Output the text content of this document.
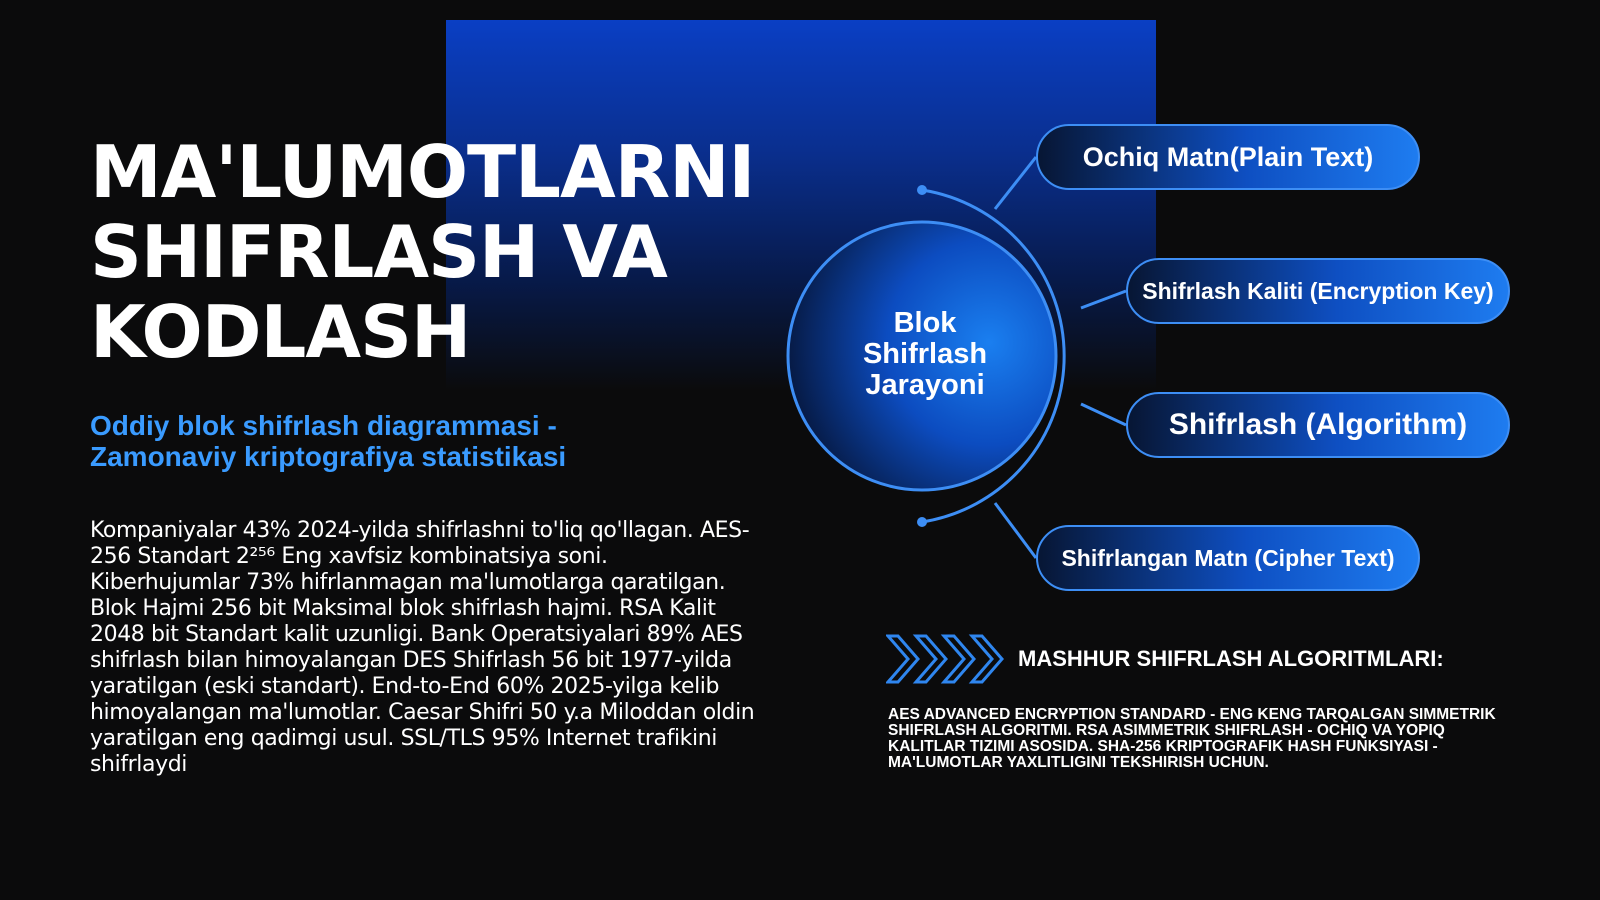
MA'LUMOTLARNI SHIFRLASH VA KODLASH
Oddiy blok shifrlash diagrammasi - Zamonaviy kriptografiya statistikasi

Kompaniyalar 43% 2024-yilda shifrlashni to'liq qo'llagan. AES-256 Standart 2²⁵⁶ Eng xavfsiz kombinatsiya soni. Kiberhujumlar 73% hifrlanmagan ma'lumotlarga qaratilgan. Blok Hajmi 256 bit Maksimal blok shifrlash hajmi. RSA Kalit 2048 bit Standart kalit uzunligi. Bank Operatsiyalari 89% AES shifrlash bilan himoyalangan DES Shifrlash 56 bit 1977-yilda yaratilgan (eski standart). End-to-End 60% 2025-yilga kelib himoyalangan ma'lumotlar. Caesar Shifri 50 y.a Miloddan oldin yaratilgan eng qadimgi usul. SSL/TLS 95% Internet trafikini shifrlaydi

Blok Shifrlash Jarayoni
Ochiq Matn(Plain Text)
Shifrlash Kaliti (Encryption Key)
Shifrlash (Algorithm)
Shifrlangan Matn (Cipher Text)
MASHHUR SHIFRLASH ALGORITMLARI:

AES ADVANCED ENCRYPTION STANDARD - ENG KENG TARQALGAN SIMMETRIK SHIFRLASH ALGORITMI. RSA ASIMMETRIK SHIFRLASH - OCHIQ VA YOPIQ KALITLAR TIZIMI ASOSIDA. SHA-256 KRIPTOGRAFIK HASH FUNKSIYASI - MA'LUMOTLAR YAXLITLIGINI TEKSHIRISH UCHUN.
